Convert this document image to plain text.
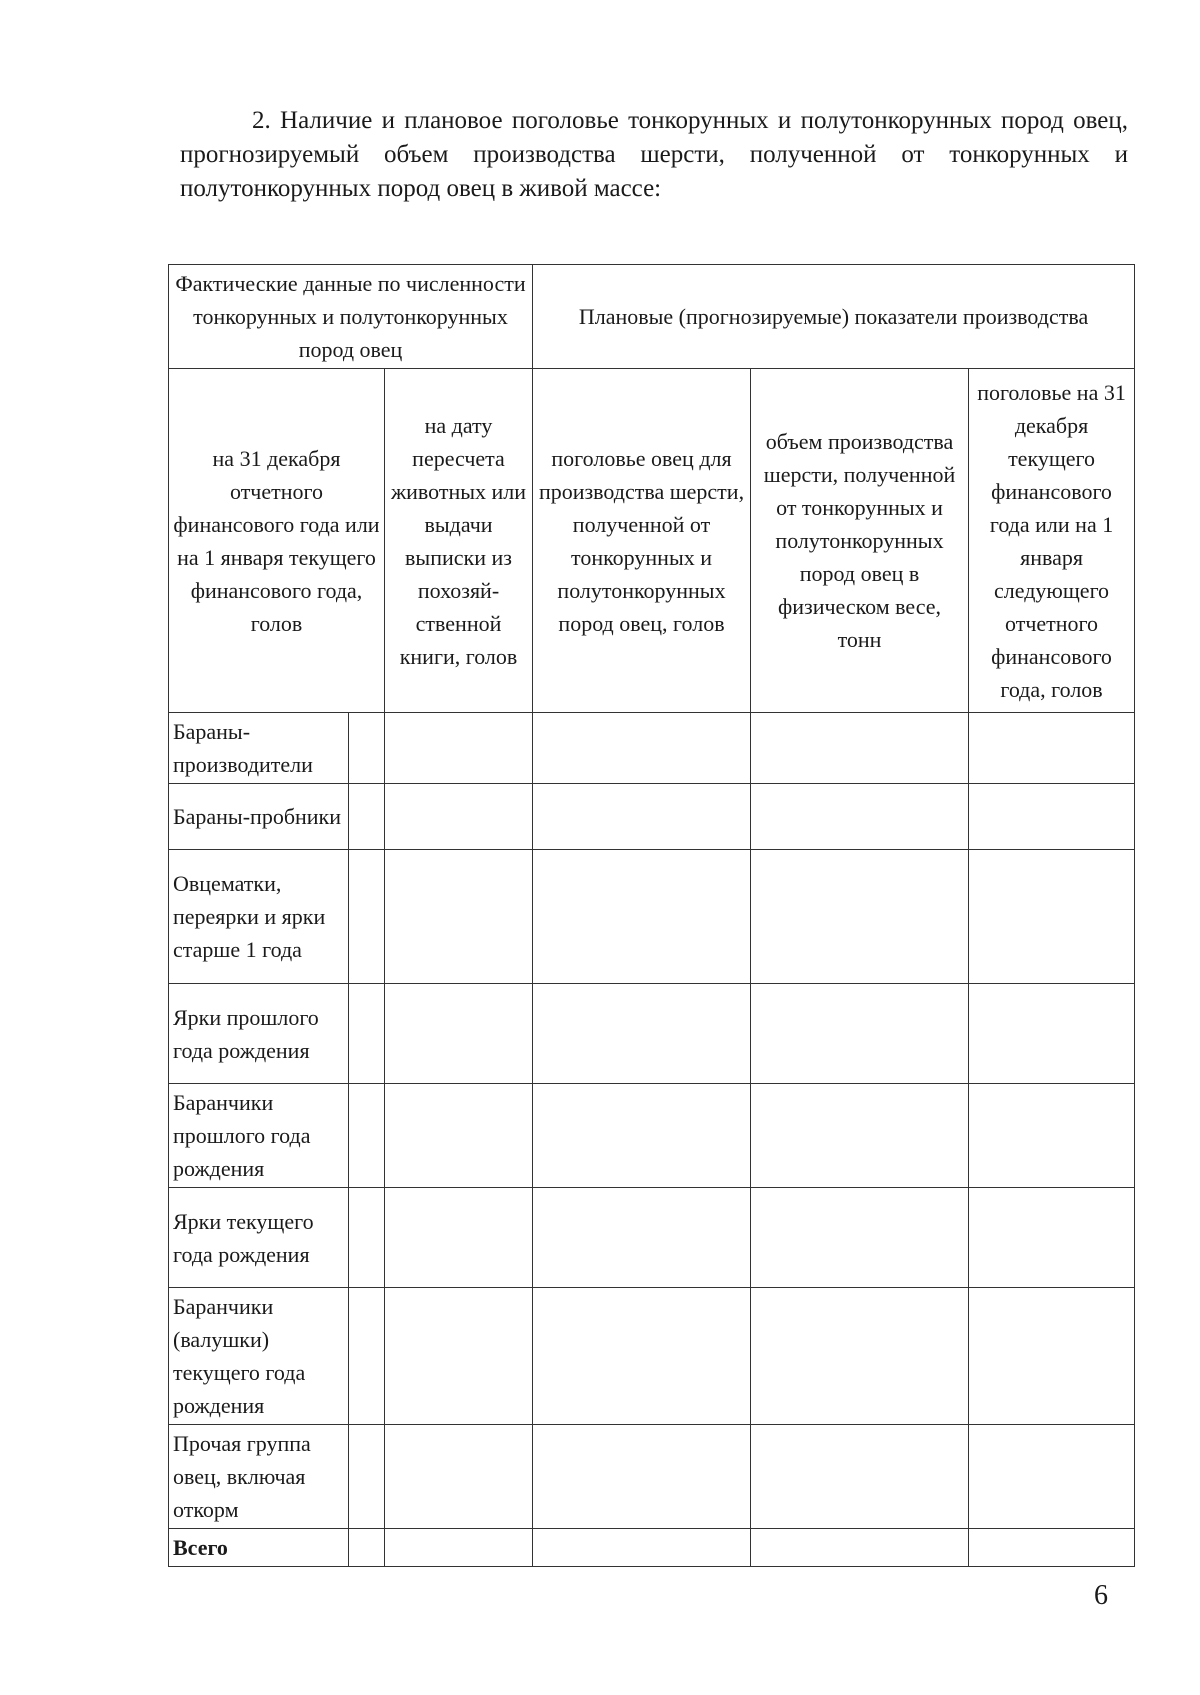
2. Наличие и плановое поголовье тонкорунных и полутонкорунных пород овец, прогнозируемый объем производства шерсти, полученной от тонкорунных и полутонкорунных пород овец в живой массе:

Фактические данные по численности тонкорунных и полутонкорунных пород овец			Плановые (прогнозируемые) показатели производства		
на 31 декабря отчетного финансового года или на 1 января текущего финансового года, голов		на дату пересчета животных или выдачи выписки из похозяй-ственной книги, голов	поголовье овец для производства шерсти, полученной от тонкорунных и полутонкорунных пород овец, голов	объем производства шерсти, полученной от тонкорунных и полутонкорунных пород овец в физическом весе, тонн	поголовье на 31 декабря текущего финансового года или на 1 января следующего отчетного финансового года, голов
Бараны-производители					
Бараны-пробники					
Овцематки, переярки и ярки старше 1 года					
Ярки прошлого года рождения					
Баранчики прошлого года рождения					
Ярки текущего года рождения					
Баранчики (валушки) текущего года рождения					
Прочая группа овец, включая откорм					
Всего					
6
